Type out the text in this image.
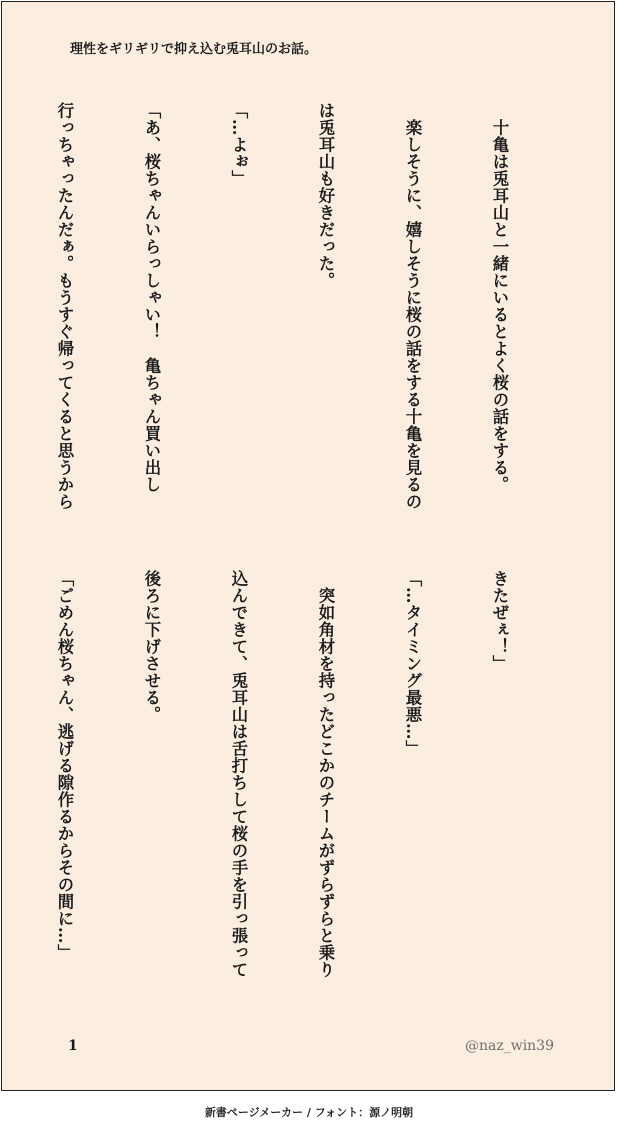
理性をギリギリで抑え込む兎耳山のお話。

　十亀は兎耳山と一緒にいるとよく桜の話をする。

　楽しそうに、嬉しそうに桜の話をする十亀を見るの

は兎耳山も好きだった。

「…よぉ」

「あ、桜ちゃんいらっしゃい！　亀ちゃん買い出し

行っちゃったんだぁ。もうすぐ帰ってくると思うから

きたぜぇ！」

「…タイミング最悪…」

　突如角材を持ったどこかのチームがずらずらと乗り

込んできて、兎耳山は舌打ちして桜の手を引っ張って

後ろに下げさせる。

「ごめん桜ちゃん、逃げる隙作るからその間に…」

1	@naz_win39
新書ページメーカー / フォント：源ノ明朝
